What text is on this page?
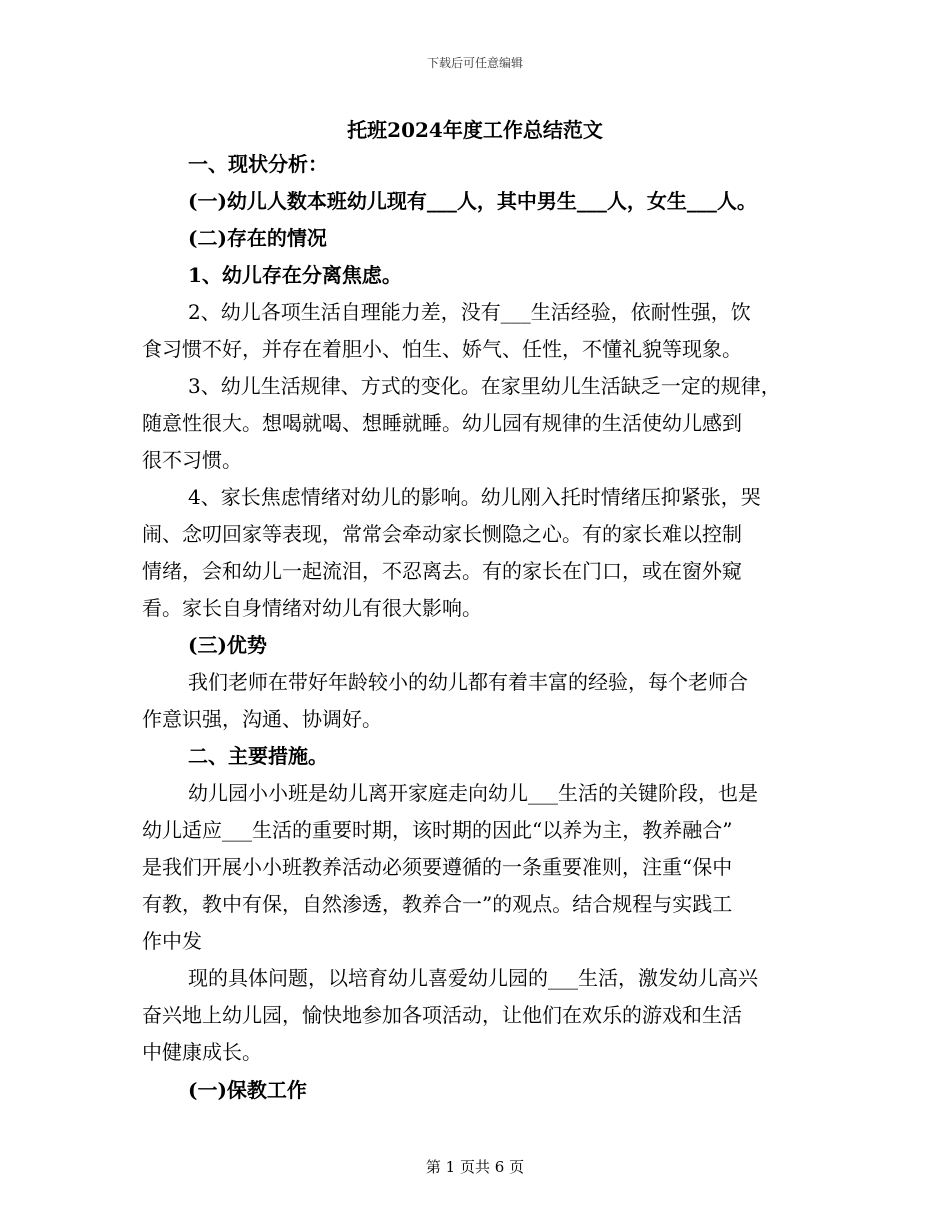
下载后可任意编辑
托班2024年度工作总结范文
一、现状分析：
(一)幼儿人数本班幼儿现有___人，其中男生___人，女生___人。
(二)存在的情况
1、幼儿存在分离焦虑。
2、幼儿各项生活自理能力差，没有___生活经验，依耐性强，饮
食习惯不好，并存在着胆小、怕生、娇气、任性，不懂礼貌等现象。
3、幼儿生活规律、方式的变化。在家里幼儿生活缺乏一定的规律，
随意性很大。想喝就喝、想睡就睡。幼儿园有规律的生活使幼儿感到
很不习惯。
4、家长焦虑情绪对幼儿的影响。幼儿刚入托时情绪压抑紧张，哭
闹、念叨回家等表现，常常会牵动家长恻隐之心。有的家长难以控制
情绪，会和幼儿一起流泪，不忍离去。有的家长在门口，或在窗外窥
看。家长自身情绪对幼儿有很大影响。
(三)优势
我们老师在带好年龄较小的幼儿都有着丰富的经验，每个老师合
作意识强，沟通、协调好。
二、主要措施。
幼儿园小小班是幼儿离开家庭走向幼儿___生活的关键阶段，也是
幼儿适应___生活的重要时期，该时期的因此“以养为主，教养融合”
是我们开展小小班教养活动必须要遵循的一条重要准则，注重“保中
有教，教中有保，自然渗透，教养合一”的观点。结合规程与实践工
作中发
现的具体问题，以培育幼儿喜爱幼儿园的___生活，激发幼儿高兴
奋兴地上幼儿园，愉快地参加各项活动，让他们在欢乐的游戏和生活
中健康成长。
(一)保教工作
第 1 页共 6 页
